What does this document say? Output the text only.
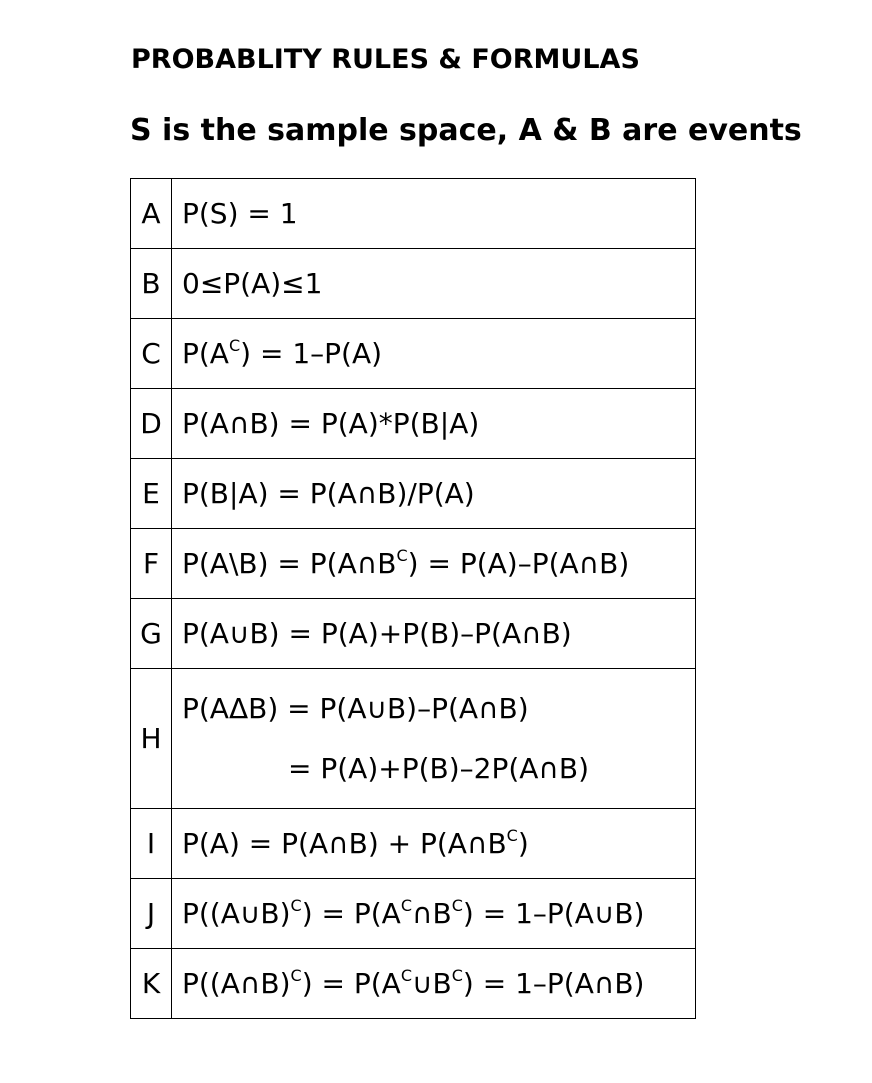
PROBABLITY RULES & FORMULAS
S is the sample space, A & B are events
A	P(S) = 1
B	0≤P(A)≤1
C	$P(A^C) = 1-P(A)$
D	P(A∩B) = P(A)*P(B|A)
E	P(B|A) = P(A∩B)/P(A)
F	P(A\B) = $P(A\cap B^C)$ = P(A)–P(A∩B)
G	P(A∪B) = P(A)+P(B)–P(A∩B)
H	P(AΔB) = P(A∪B)–P(A∩B)
= P(A)+P(B)–2P(A∩B)

I	P(A) = P(A∩B) + $P(A\cap B^C)$
J	P((A∪B)$^C$) = $P(A^C\cap B^C)$ = 1–P(A∪B)
K	P((A∩B)$^C$) = $P(A^C\cup B^C)$ = 1–P(A∩B)
